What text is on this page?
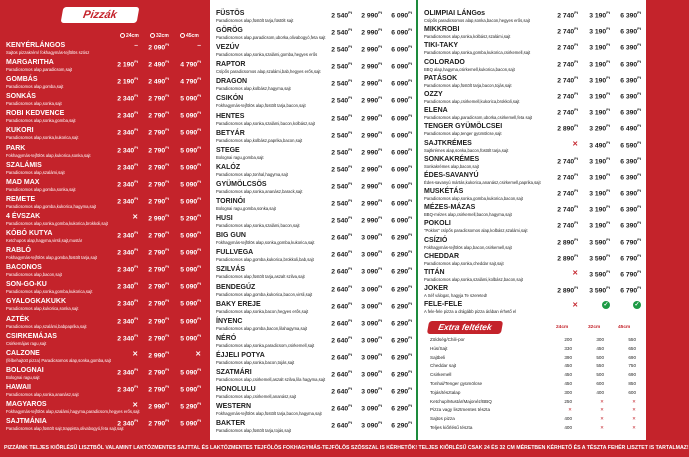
Pizzák
24cm	32cm	45cm
KENYÉRLÁNGOS
Sajtos pizzakrém/ fokhagymás-tejfölös szósz
–	2 $090^{Ft}$	–
MARGARITHA
Paradicsomos alap,paradicsom,sajt
2 $190^{Ft}$	2 $490^{Ft}$	4 $790^{Ft}$
GOMBÁS
Paradicsomos alap,gomba,sajt
2 $190^{Ft}$	2 $490^{Ft}$	4 $790^{Ft}$
SONKÁS
Paradicsomos alap,sonka,sajt
2 $340^{Ft}$	2 $790^{Ft}$	5 $090^{Ft}$
ROBI KEDVENCE
Paradicsomos alap,sonka,gomba,sajt
2 $340^{Ft}$	2 $790^{Ft}$	5 $090^{Ft}$
KUKORI
Paradicsomos alap,sonka,kukorica,sajt
2 $340^{Ft}$	2 $790^{Ft}$	5 $090^{Ft}$
PARK
Fokhagymás-tejfölös alap,kukorica,sonka,sajt
2 $340^{Ft}$	2 $790^{Ft}$	5 $090^{Ft}$
SZALÁMIS
Paradicsomos alap,szalámi,sajt
2 $340^{Ft}$	2 $790^{Ft}$	5 $090^{Ft}$
MAD MAX
Paradicsomos alap,gomba,sonka,sajt
2 $340^{Ft}$	2 $790^{Ft}$	5 $090^{Ft}$
REMETE
Paradicsomos alap,gomba,kukorica,hagyma,sajt
2 $340^{Ft}$	2 $790^{Ft}$	5 $090^{Ft}$
4 ÉVSZAK
Paradicsomos alap,sonka,gomba,kukorica,brokkoli,sajt
✕	2 $990^{Ft}$	5 $290^{Ft}$
KÓBÓ KUTYA
Ketchupos alap,hagyma,virsli,sajt,mustár
2 $340^{Ft}$	2 $790^{Ft}$	5 $090^{Ft}$
RABLÓ
Fokhagymás-tejfölös alap,gomba,füstölt tarja,sajt
2 $340^{Ft}$	2 $790^{Ft}$	5 $090^{Ft}$
BACONOS
Paradicsomos alap,bacon,sajt
2 $340^{Ft}$	2 $790^{Ft}$	5 $090^{Ft}$
SON-GO-KU
Paradicsomos alap,sonka,gomba,kukorica,sajt
2 $340^{Ft}$	2 $790^{Ft}$	5 $090^{Ft}$
GYALOGKAKUKK
Paradicsomos alap,kukorica,sonka,sajt
2 $340^{Ft}$	2 $790^{Ft}$	5 $090^{Ft}$
AZTÉK
Paradicsomos alap,szalámi,babpaprika,sajt
2 $340^{Ft}$	2 $790^{Ft}$	5 $090^{Ft}$
CSIRKEMÁJAS
Csirkemájas ragu,sajt
2 $340^{Ft}$	2 $790^{Ft}$	5 $090^{Ft}$
CALZONE
(félbehajtott pizza) Paradicsomos alap,sonka,gomba,sajt
✕	2 $990^{Ft}$	✕
BOLOGNAI
Bolognai ragu,sajt
2 $340^{Ft}$	2 $790^{Ft}$	5 $090^{Ft}$
HAWAII
Paradicsomos alap,sonka,ananász,sajt
2 $340^{Ft}$	2 $790^{Ft}$	5 $090^{Ft}$
MAGYAROS
Fokhagymás-tejfölös alap,szalámi,hagyma,paradicsom,hegyes erős,sajt
✕	2 $990^{Ft}$	5 $290^{Ft}$
SAJTMÁNIA
Paradicsomos alap,füstölt sajt,trappista,olivabogyó,feta sajt,sajt
2 $340^{Ft}$	2 $790^{Ft}$	5 $090^{Ft}$
FÜSTÖS
Paradicsomos alap,füstölt tarja,füstölt sajt
2 $540^{Ft}$	2 $990^{Ft}$	6 $090^{Ft}$
GÖRÖG
Paradicsomos alap,paradicsom,uborka,olivabogyó,feta sajt
2 $540^{Ft}$	2 $990^{Ft}$	6 $090^{Ft}$
VEZÚV
Paradicsomos alap,sonka,szalámi,gomba,hegyes erős
2 $540^{Ft}$	2 $990^{Ft}$	6 $090^{Ft}$
RAPTOR
Csípős paradicsomos alap,szalámi,bab,hegyes erős,sajt
2 $540^{Ft}$	2 $990^{Ft}$	6 $090^{Ft}$
DRAGON
Paradicsomos alap,kolbász,hagyma,sajt
2 $540^{Ft}$	2 $990^{Ft}$	6 $090^{Ft}$
CSIKÓN
Fokhagymás-tejfölös alap,füstölt tarja,bacon,sajt
2 $540^{Ft}$	2 $990^{Ft}$	6 $090^{Ft}$
HENTES
Paradicsomos alap,sonka,szalámi,bacon,kolbász,sajt
2 $540^{Ft}$	2 $990^{Ft}$	6 $090^{Ft}$
BETYÁR
Paradicsomos alap,kolbász,paprika,bacon,sajt
2 $540^{Ft}$	2 $990^{Ft}$	6 $090^{Ft}$
STEGE
Bolognai ragu,gomba,sajt
2 $540^{Ft}$	2 $990^{Ft}$	6 $090^{Ft}$
KALÓZ
Paradicsomos alap,tonhal,hagyma,sajt
2 $540^{Ft}$	2 $990^{Ft}$	6 $090^{Ft}$
GYÜMÖLCSÖS
Paradicsomos alap,sonka,ananász,barack,sajt
2 $540^{Ft}$	2 $990^{Ft}$	6 $090^{Ft}$
TORINÓI
Bolognai ragu,gomba,sonka,sajt
2 $540^{Ft}$	2 $990^{Ft}$	6 $090^{Ft}$
HUSI
Paradicsomos alap,sonka,szalámi,bacon,sajt
2 $540^{Ft}$	2 $990^{Ft}$	6 $090^{Ft}$
BIG GUN
Fokhagymás-tejfölös alap,sonka,gomba,kukorica,sajt
2 $640^{Ft}$	3 $090^{Ft}$	6 $290^{Ft}$
FULLVEGA
Paradicsomos alap,gomba,kukorica,brokkoli,bab,sajt
2 $640^{Ft}$	3 $090^{Ft}$	6 $290^{Ft}$
SZILVÁS
Paradicsomos alap,füstölt tarja,aszalt szilva,sajt
2 $640^{Ft}$	3 $090^{Ft}$	6 $290^{Ft}$
BENDEGÚZ
Paradicsomos alap,gomba,kukorica,bacon,virsli,sajt
2 $640^{Ft}$	3 $090^{Ft}$	6 $290^{Ft}$
BAKY EREJE
Paradicsomos alap,sonka,bacon,hegyes erős,sajt
2 $640^{Ft}$	3 $090^{Ft}$	6 $290^{Ft}$
ÍNYENC
Paradicsomos alap,gomba,bacon,lilahagyma,sajt
2 $640^{Ft}$	3 $090^{Ft}$	6 $290^{Ft}$
NÉRÓ
Paradicsomos alap,sonka,paradicsom,csirkemell,sajt
2 $640^{Ft}$	3 $090^{Ft}$	6 $290^{Ft}$
ÉJJELI POTYA
Paradicsomos alap,sonka,bacon,tojás,sajt
2 $640^{Ft}$	3 $090^{Ft}$	6 $290^{Ft}$
SZATMÁRI
Paradicsomos alap,csirkemell,aszalt szilva,lila hagyma,sajt
2 $640^{Ft}$	3 $090^{Ft}$	6 $290^{Ft}$
HONOLULU
Paradicsomos alap,csirkemell,ananász,sajt
2 $640^{Ft}$	3 $090^{Ft}$	6 $290^{Ft}$
WESTERN
Fokhagymás-tejfölös alap,füstölt tarja,bacon,hagyma,sajt
2 $640^{Ft}$	3 $090^{Ft}$	6 $290^{Ft}$
BAKTER
Paradicsomos alap,füstölt tarja,tojás,sajt
2 $640^{Ft}$	3 $090^{Ft}$	6 $290^{Ft}$
OLIMPIAI LÁNGos
Csípős paradicsomos alap,sonka,bacon,hegyes erős,sajt
2 $740^{Ft}$	3 $190^{Ft}$	6 $390^{Ft}$
MIKKROBI
Paradicsomos alap,sonka,kolbász,szalámi,sajt
2 $740^{Ft}$	3 $190^{Ft}$	6 $390^{Ft}$
TIKI-TAKY
Paradicsomos alap,sonka,gomba,kukorica,csirkemell,sajt
2 $740^{Ft}$	3 $190^{Ft}$	6 $390^{Ft}$
COLORADO
BBQ alap,hagyma,csirkemell,kukorica,bacon,sajt
2 $740^{Ft}$	3 $190^{Ft}$	6 $390^{Ft}$
PATÁSOK
Paradicsomos alap,füstölt tarja,bacon,tojás,sajt
2 $740^{Ft}$	3 $190^{Ft}$	6 $390^{Ft}$
OZZY
Paradicsomos alap,csirkemell,kukorica,brokkoli,sajt
2 $740^{Ft}$	3 $190^{Ft}$	6 $390^{Ft}$
ELENA
Paradicsomos alap,paradicsom,uborka,csirkemell,feta sajt
2 $740^{Ft}$	3 $190^{Ft}$	6 $390^{Ft}$
TENGER GYÜMÖLCSEI
Paradicsomos alap,tenger gyümölcse,sajt
2 $890^{Ft}$	3 $290^{Ft}$	6 $490^{Ft}$
SAJTKRÉMES
Sajtkrémes alap,sonka,bacon,füstölt tarja,sajt
✕	3 $490^{Ft}$	6 $590^{Ft}$
SONKAKRÉMES
Sonkakrémes alap,bacon,sajt
2 $740^{Ft}$	3 $190^{Ft}$	6 $390^{Ft}$
ÉDES-SAVANYÚ
Édes-savanyú mártás,kukorica,ananász,csirkemell,paprika,sajt
2 $740^{Ft}$	3 $190^{Ft}$	6 $390^{Ft}$
MUSKÉTÁS
Paradicsomos alap,sonka,gomba,kukorica,bacon,sajt
2 $740^{Ft}$	3 $190^{Ft}$	6 $390^{Ft}$
MÉZES-MÁZAS
BBQ-mézes alap,csirkemell,bacon,hagyma,sajt
2 $740^{Ft}$	3 $190^{Ft}$	6 $390^{Ft}$
POKOLI
"Poklos" csípős paradicsomos alap,kolbász,szalámi,sajt
2 $740^{Ft}$	3 $190^{Ft}$	6 $390^{Ft}$
CSÍZIÓ
Fokhagymás-tejfölös alap,bacon,csirkemell,sajt
2 $890^{Ft}$	3 $590^{Ft}$	6 $790^{Ft}$
CHEDDAR
Paradicsomos alap,sonka,cheddar sajt,sajt
2 $890^{Ft}$	3 $590^{Ft}$	6 $790^{Ft}$
TITÁN
Paradicsomos alap,sonka,szalámi,kolbász,bacon,sajt
✕	3 $590^{Ft}$	6 $790^{Ft}$
JOKER
A Séf válogat, hagyja Te szereted!
2 $890^{Ft}$	3 $590^{Ft}$	6 $790^{Ft}$
FELE-FELE
A fele-fele pizza a drágább pizza árában érhető el
✕	✓	✓
Extra feltétek	24cm	32cm	45cm
Zöldség/Chili-por	200	300	550
Hús/Sajt	330	450	650
Sajtbeli	390	500	690
Cheddar sajt	450	550	750
Csirkemell	450	500	690
Tonhal/Tenger gyümölcse	450	600	850
Tojás/tésztalap	300	400	600
Ketchup/Mustár/Majonéz/BBQ	250	✕	✕
Pizza vagy lisztmentes tészta	✕	✕	✕
Sajtos pizza	400	✕	✕
Teljes kiőrlésű tészta	400	✕	✕
PIZZÁINK TELJES KIŐRLÉSŰ LISZTBŐL VALAMINT LAKTÓZMENTES SAJTTAL ÉS LAKTÓZMENTES TEJFÖLÖS FOKHAGYMÁS-TEJFÖLÖS SZÓSSZAL IS KÉRHETŐK! TELJES KIŐRLÉSŰ CSAK 24 ÉS 32 CM MÉRETBEN KÉRHETŐ ÉS A TÉSZTA FEHÉR LISZTET IS TARTALMAZ!
